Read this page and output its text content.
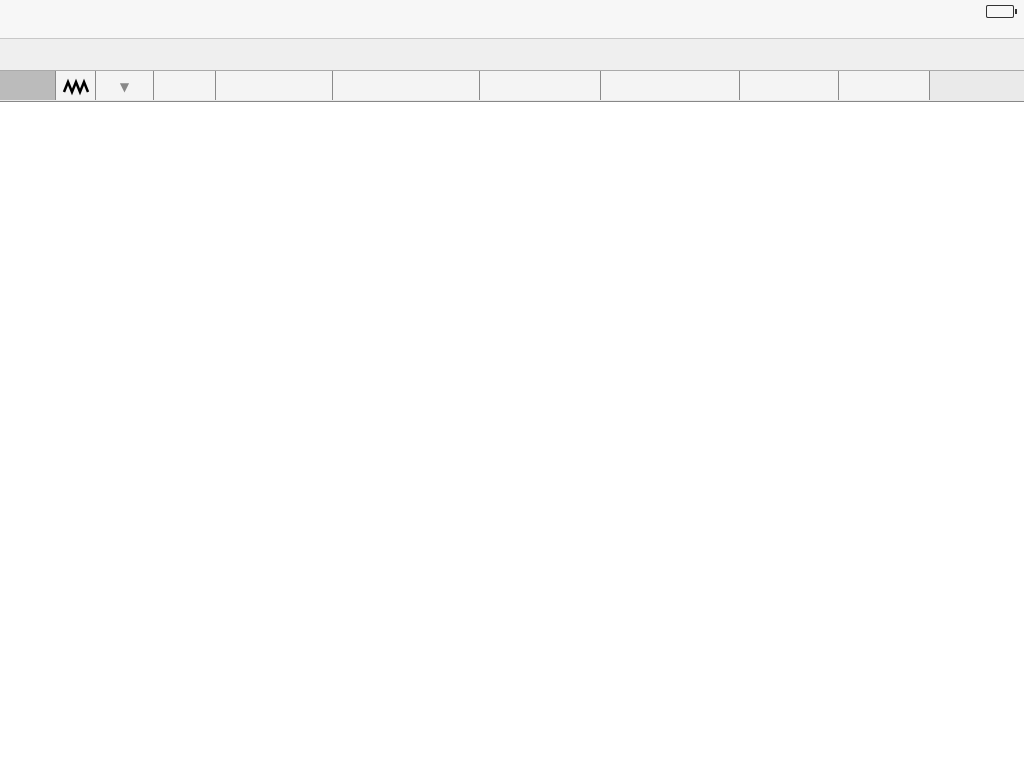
▼
